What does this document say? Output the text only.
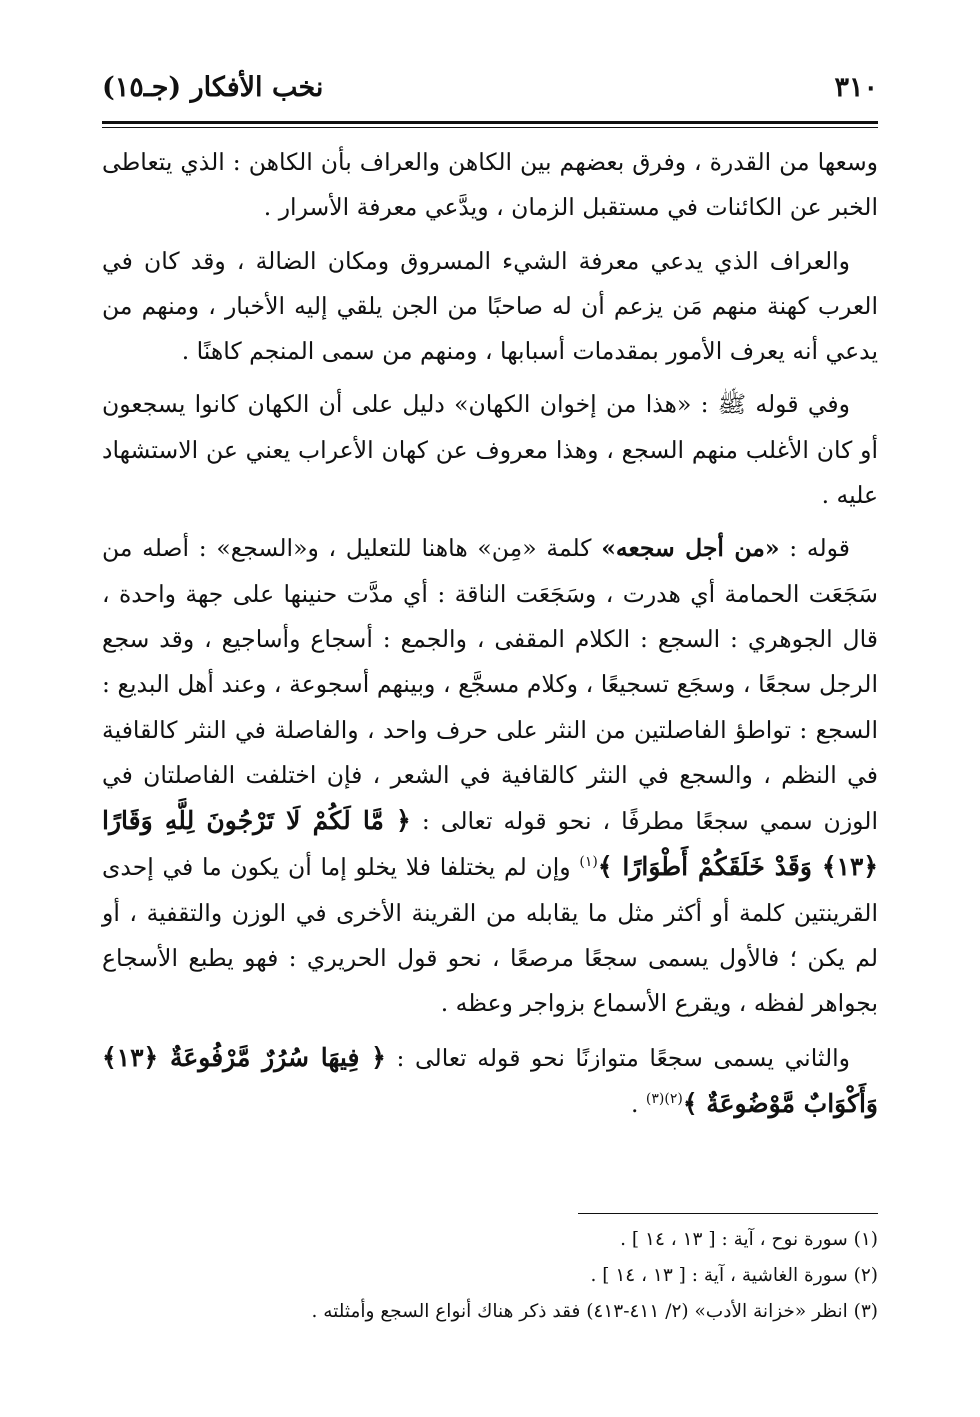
٣١٠
نخب الأفكار (جـ١٥)

وسعها من القدرة ، وفرق بعضهم بين الكاهن والعراف بأن الكاهن : الذي يتعاطى الخبر عن الكائنات في مستقبل الزمان ، ويدَّعي معرفة الأسرار .

والعراف الذي يدعي معرفة الشيء المسروق ومكان الضالة ، وقد كان في العرب كهنة منهم مَن يزعم أن له صاحبًا من الجن يلقي إليه الأخبار ، ومنهم من يدعي أنه يعرف الأمور بمقدمات أسبابها ، ومنهم من سمى المنجم كاهنًا .

وفي قوله ﷺ : «هذا من إخوان الكهان» دليل على أن الكهان كانوا يسجعون أو كان الأغلب منهم السجع ، وهذا معروف عن كهان الأعراب يعني عن الاستشهاد عليه .

قوله : «من أجل سجعه» كلمة «مِن» هاهنا للتعليل ، و«السجع» : أصله من سَجَعَت الحمامة أي هدرت ، وسَجَعَت الناقة : أي مدَّت حنينها على جهة واحدة ، قال الجوهري : السجع : الكلام المقفى ، والجمع : أسجاع وأساجيع ، وقد سجع الرجل سجعًا ، وسجَع تسجيعًا ، وكلام مسجَّع ، وبينهم أسجوعة ، وعند أهل البديع : السجع : تواطؤ الفاصلتين من النثر على حرف واحد ، والفاصلة في النثر كالقافية في النظم ، والسجع في النثر كالقافية في الشعر ، فإن اختلفت الفاصلتان في الوزن سمي سجعًا مطرفًا ، نحو قوله تعالى : ﴿ مَّا لَكُمْ لَا تَرْجُونَ لِلَّهِ وَقَارًا ﴿١٣﴾ وَقَدْ خَلَقَكُمْ أَطْوَارًا ﴾$^{(١)}$ وإن لم يختلفا فلا يخلو إما أن يكون ما في إحدى القرينتين كلمة أو أكثر مثل ما يقابله من القرينة الأخرى في الوزن والتقفية ، أو لم يكن ؛ فالأول يسمى سجعًا مرصعًا ، نحو قول الحريري : فهو يطبع الأسجاع بجواهر لفظه ، ويقرع الأسماع بزواجر وعظه .

والثاني يسمى سجعًا متوازنًا نحو قوله تعالى : ﴿ فِيهَا سُرُرٌ مَّرْفُوعَةٌ ﴿١٣﴾ وَأَكْوَابٌ مَّوْضُوعَةٌ ﴾$^{(٢)(٣)}$ .

(١) سورة نوح ، آية : [ ١٣ ، ١٤ ] .

(٢) سورة الغاشية ، آية : [ ١٣ ، ١٤ ] .

(٣) انظر «خزانة الأدب» (٢/ ٤١١-٤١٣) فقد ذكر هناك أنواع السجع وأمثلته .
